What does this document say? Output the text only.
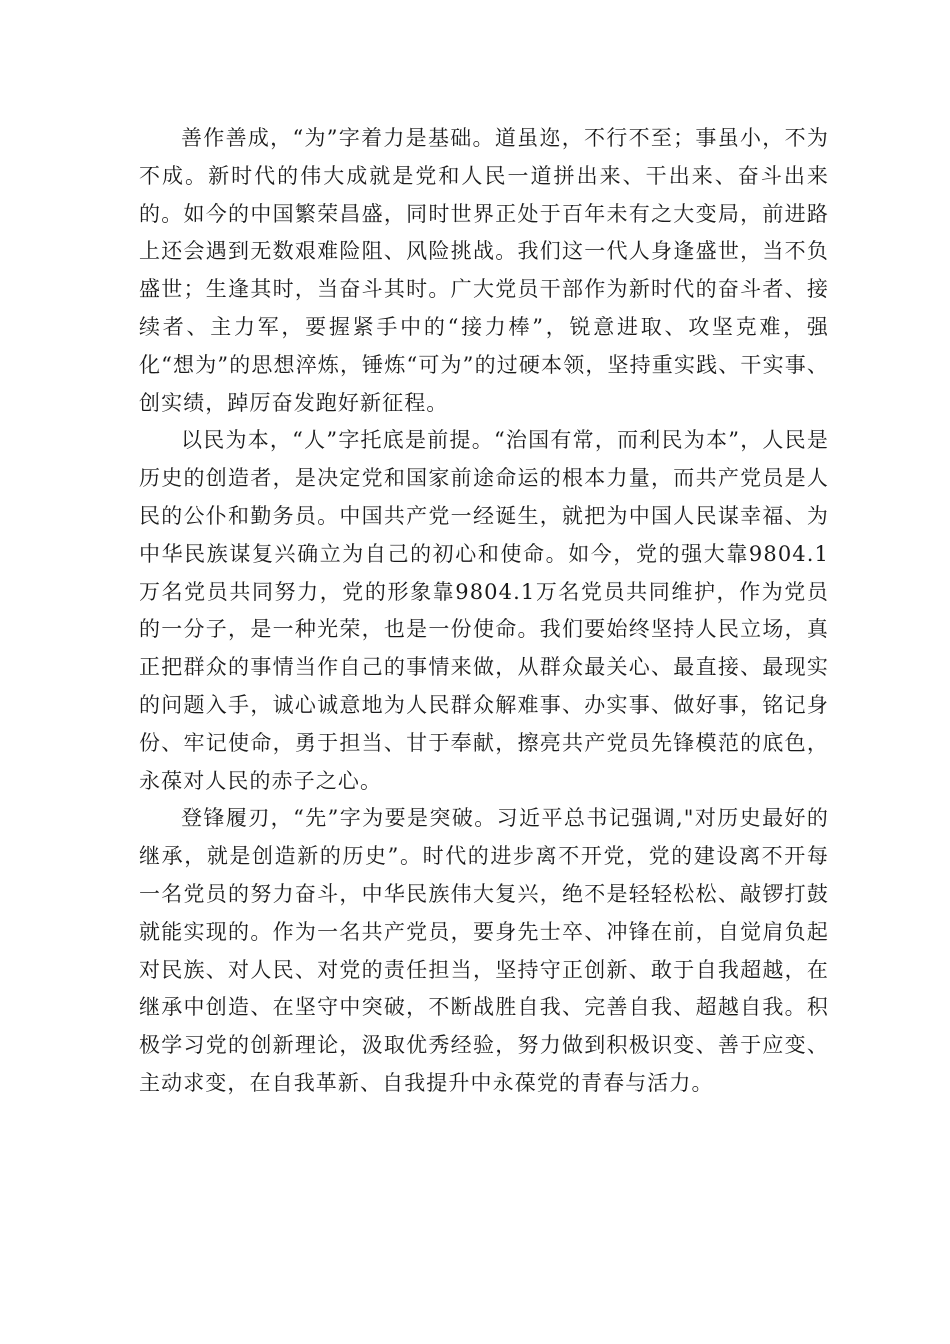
善作善成，“为”字着力是基础。道虽迩，不行不至；事虽小，不为不成。新时代的伟大成就是党和人民一道拼出来、干出来、奋斗出来的。如今的中国繁荣昌盛，同时世界正处于百年未有之大变局，前进路上还会遇到无数艰难险阻、风险挑战。我们这一代人身逢盛世，当不负盛世；生逢其时，当奋斗其时。广大党员干部作为新时代的奋斗者、接续者、主力军，要握紧手中的“接力棒”，锐意进取、攻坚克难，强化“想为”的思想淬炼，锤炼“可为”的过硬本领，坚持重实践、干实事、创实绩，踔厉奋发跑好新征程。

以民为本，“人”字托底是前提。“治国有常，而利民为本”，人民是历史的创造者，是决定党和国家前途命运的根本力量，而共产党员是人民的公仆和勤务员。中国共产党一经诞生，就把为中国人民谋幸福、为中华民族谋复兴确立为自己的初心和使命。如今，党的强大靠9804.1万名党员共同努力，党的形象靠9804.1万名党员共同维护，作为党员的一分子，是一种光荣，也是一份使命。我们要始终坚持人民立场，真正把群众的事情当作自己的事情来做，从群众最关心、最直接、最现实的问题入手，诚心诚意地为人民群众解难事、办实事、做好事，铭记身份、牢记使命，勇于担当、甘于奉献，擦亮共产党员先锋模范的底色，永葆对人民的赤子之心。

登锋履刃，“先”字为要是突破。习近平总书记强调,"对历史最好的继承，就是创造新的历史”。时代的进步离不开党，党的建设离不开每一名党员的努力奋斗，中华民族伟大复兴，绝不是轻轻松松、敲锣打鼓就能实现的。作为一名共产党员，要身先士卒、冲锋在前，自觉肩负起对民族、对人民、对党的责任担当，坚持守正创新、敢于自我超越，在继承中创造、在坚守中突破，不断战胜自我、完善自我、超越自我。积极学习党的创新理论，汲取优秀经验，努力做到积极识变、善于应变、主动求变，在自我革新、自我提升中永葆党的青春与活力。
